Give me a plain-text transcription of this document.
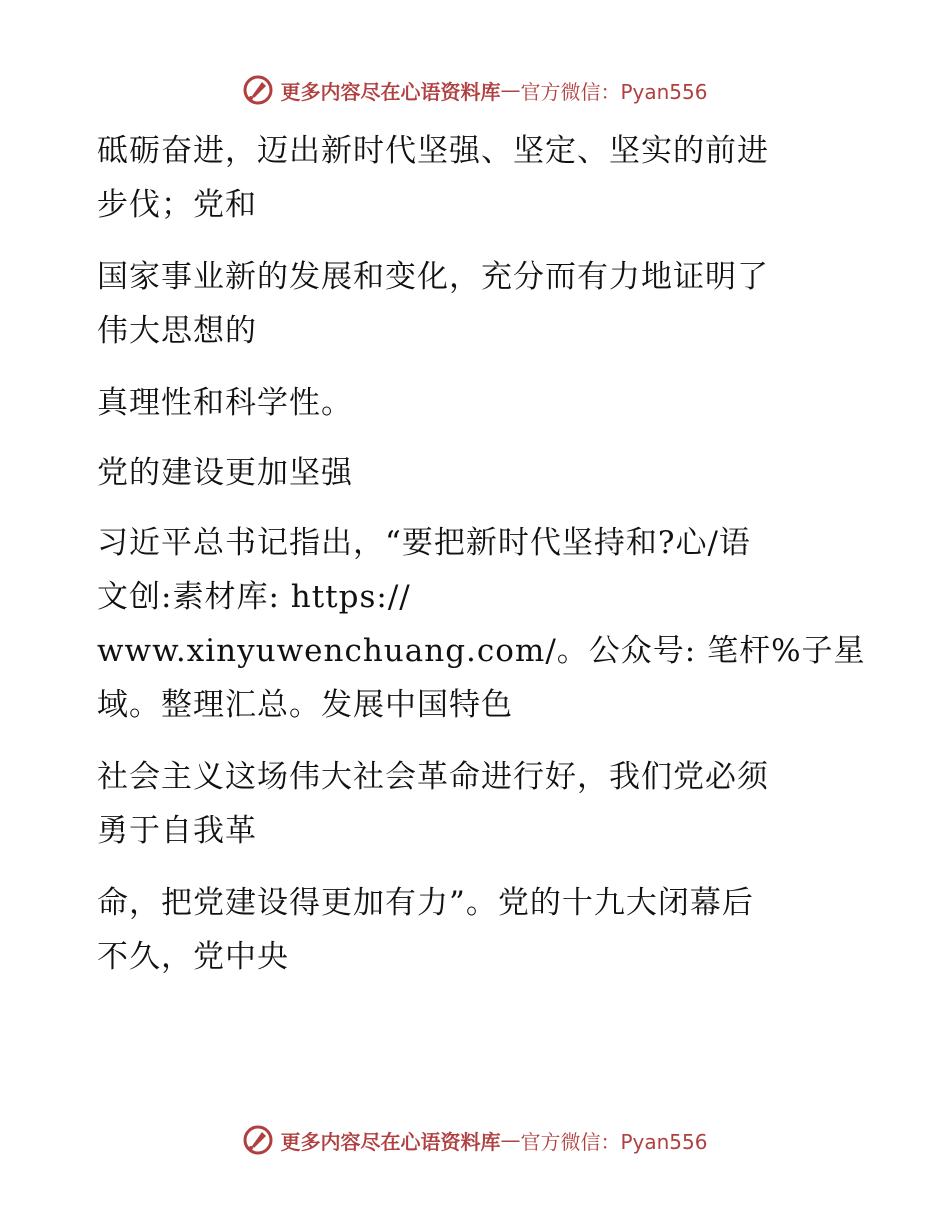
更多内容尽在心语资料库 — 官方微信：Pyan556
砥砺奋进，迈出新时代坚强、坚定、坚实的前进
步伐；党和
国家事业新的发展和变化，充分而有力地证明了
伟大思想的
真理性和科学性。
党的建设更加坚强
习近平总书记指出，“要把新时代坚持和?心/语
文创:素材库: https://
www.xinyuwenchuang.com/。公众号: 笔杆%子星
域。整理汇总。发展中国特色
社会主义这场伟大社会革命进行好，我们党必须
勇于自我革
命，把党建设得更加有力”。党的十九大闭幕后
不久，党中央
更多内容尽在心语资料库 — 官方微信：Pyan556
